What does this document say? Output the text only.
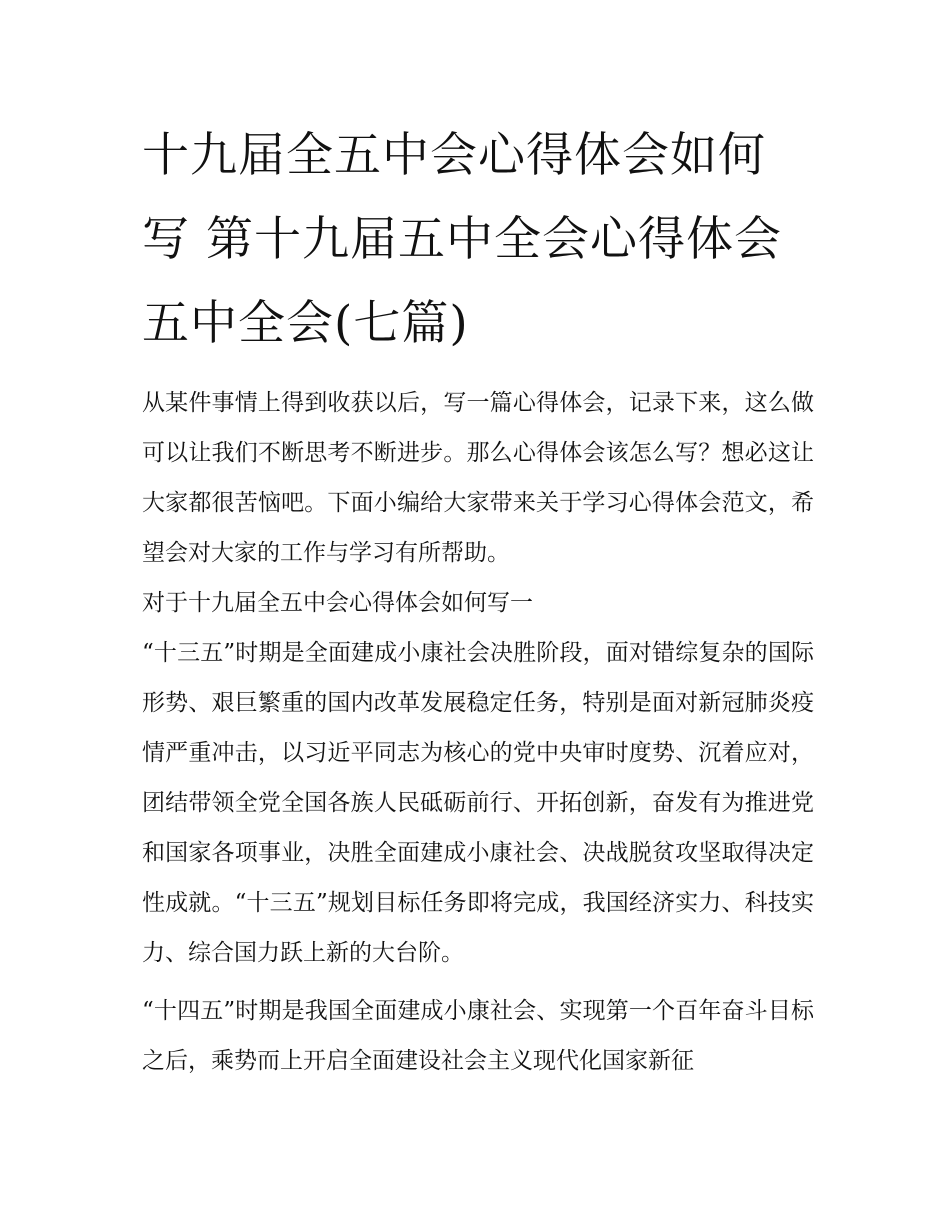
十九届全五中会心得体会如何
写 第十九届五中全会心得体会
五中全会(七篇)

从某件事情上得到收获以后，写一篇心得体会，记录下来，这么做可以让我们不断思考不断进步。那么心得体会该怎么写？想必这让大家都很苦恼吧。下面小编给大家带来关于学习心得体会范文，希望会对大家的工作与学习有所帮助。

对于十九届全五中会心得体会如何写一

“十三五”时期是全面建成小康社会决胜阶段，面对错综复杂的国际形势、艰巨繁重的国内改革发展稳定任务，特别是面对新冠肺炎疫情严重冲击，以习近平同志为核心的党中央审时度势、沉着应对，团结带领全党全国各族人民砥砺前行、开拓创新，奋发有为推进党和国家各项事业，决胜全面建成小康社会、决战脱贫攻坚取得决定性成就。“十三五”规划目标任务即将完成，我国经济实力、科技实力、综合国力跃上新的大台阶。

“十四五”时期是我国全面建成小康社会、实现第一个百年奋斗目标之后，乘势而上开启全面建设社会主义现代化国家新征
